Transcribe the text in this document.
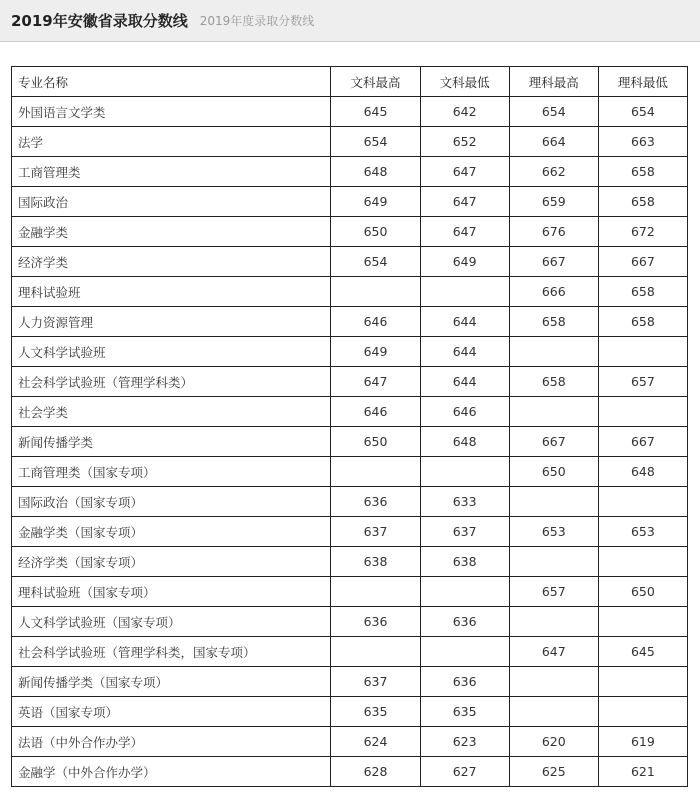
2019年安徽省录取分数线 2019年度录取分数线
专业名称	文科最高	文科最低	理科最高	理科最低
外国语言文学类	645	642	654	654
法学	654	652	664	663
工商管理类	648	647	662	658
国际政治	649	647	659	658
金融学类	650	647	676	672
经济学类	654	649	667	667
理科试验班			666	658
人力资源管理	646	644	658	658
人文科学试验班	649	644		
社会科学试验班（管理学科类）	647	644	658	657
社会学类	646	646		
新闻传播学类	650	648	667	667
工商管理类（国家专项）			650	648
国际政治（国家专项）	636	633		
金融学类（国家专项）	637	637	653	653
经济学类（国家专项）	638	638		
理科试验班（国家专项）			657	650
人文科学试验班（国家专项）	636	636		
社会科学试验班（管理学科类，国家专项）			647	645
新闻传播学类（国家专项）	637	636		
英语（国家专项）	635	635		
法语（中外合作办学）	624	623	620	619
金融学（中外合作办学）	628	627	625	621
